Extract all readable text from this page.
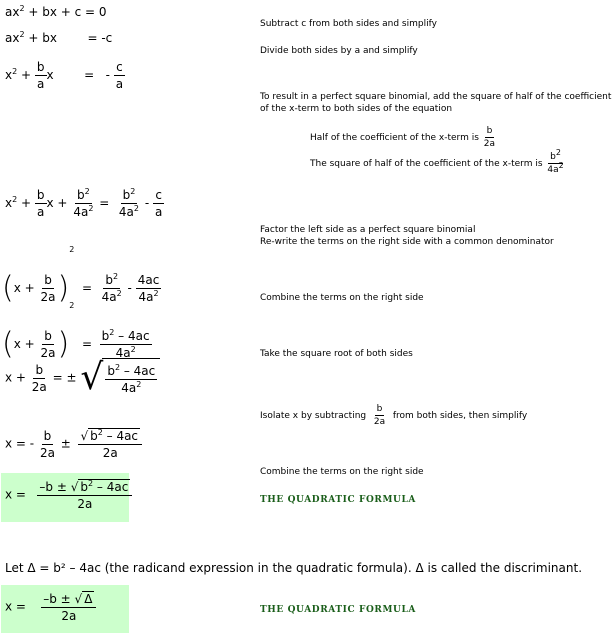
$ax^2$ + bx + c = 0
$ax^2$ + bx        = -c
Subtract c from both sides and simplify
$x^2 + \frac{b}{a}$ x        =   - $\frac{c}{a}$
Divide both sides by a and simplify
To result in a perfect square binomial, add the square of half of the coefficient
of the x-term to both sides of the equation
Half of the coefficient of the x-term is $\frac{b}{2a}$
The square of half of the coefficient of the x-term is $\frac{b2}{4a2}$
$x^2 + \frac{b}{a}$ $x + \frac{b^2}{4a^2} = \frac{b^2}{4a^2} - \frac{c}{a}$
Factor the left side as a perfect square binomial
Re-write the terms on the right side with a common denominator
$(x + \frac{b}{2a} )^2 = \frac{b^2}{4a^2} - \frac{4ac}{4a^2}$
$(x + \frac{b}{2a} )^2 = \frac{b^2 - 4ac}{4a^2}$
Combine the terms on the right side
$x + \frac{b}{2a}$ = ± √ $\frac{b^2 - 4ac}{4a^2}$
Take the square root of both sides
Isolate x by subtracting $\frac{b}{2a}$ from both sides, then simplify
x = - $\frac{b}{2a} \pm \frac{√ b^2 - 4ac}{2a}$
Combine the terms on the right side
$x = \frac{-b \pm √ b^2 - 4ac}{2a}$	THE QUADRATIC FORMULA
Let Δ = b² – 4ac (the radicand expression in the quadratic formula). Δ is called the discriminant.
$x = \frac{-b \pm √ \Delta}{2a}$	THE QUADRATIC FORMULA
